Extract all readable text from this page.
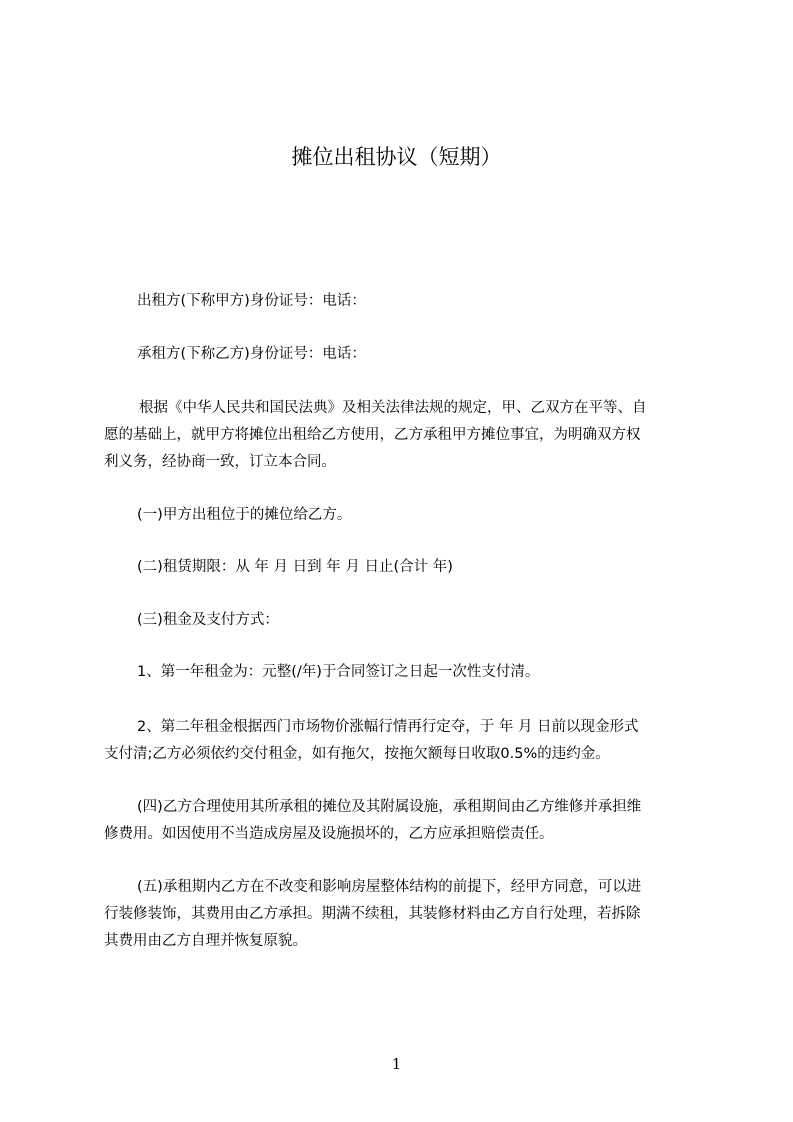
摊位出租协议（短期）

出租方(下称甲方)身份证号：电话：

承租方(下称乙方)身份证号：电话：

根据《中华人民共和国民法典》及相关法律法规的规定，甲、乙双方在平等、自

愿的基础上，就甲方将摊位出租给乙方使用，乙方承租甲方摊位事宜，为明确双方权

利义务，经协商一致，订立本合同。

(一)甲方出租位于的摊位给乙方。

(二)租赁期限：从 年 月 日到 年 月 日止(合计 年)

(三)租金及支付方式：

1、第一年租金为：元整(/年)于合同签订之日起一次性支付清。

2、第二年租金根据西门市场物价涨幅行情再行定夺，于 年 月 日前以现金形式

支付清;乙方必须依约交付租金，如有拖欠，按拖欠额每日收取0.5%的违约金。

(四)乙方合理使用其所承租的摊位及其附属设施，承租期间由乙方维修并承担维

修费用。如因使用不当造成房屋及设施损坏的，乙方应承担赔偿责任。

(五)承租期内乙方在不改变和影响房屋整体结构的前提下，经甲方同意，可以进

行装修装饰，其费用由乙方承担。期满不续租，其装修材料由乙方自行处理，若拆除

其费用由乙方自理并恢复原貌。

1
